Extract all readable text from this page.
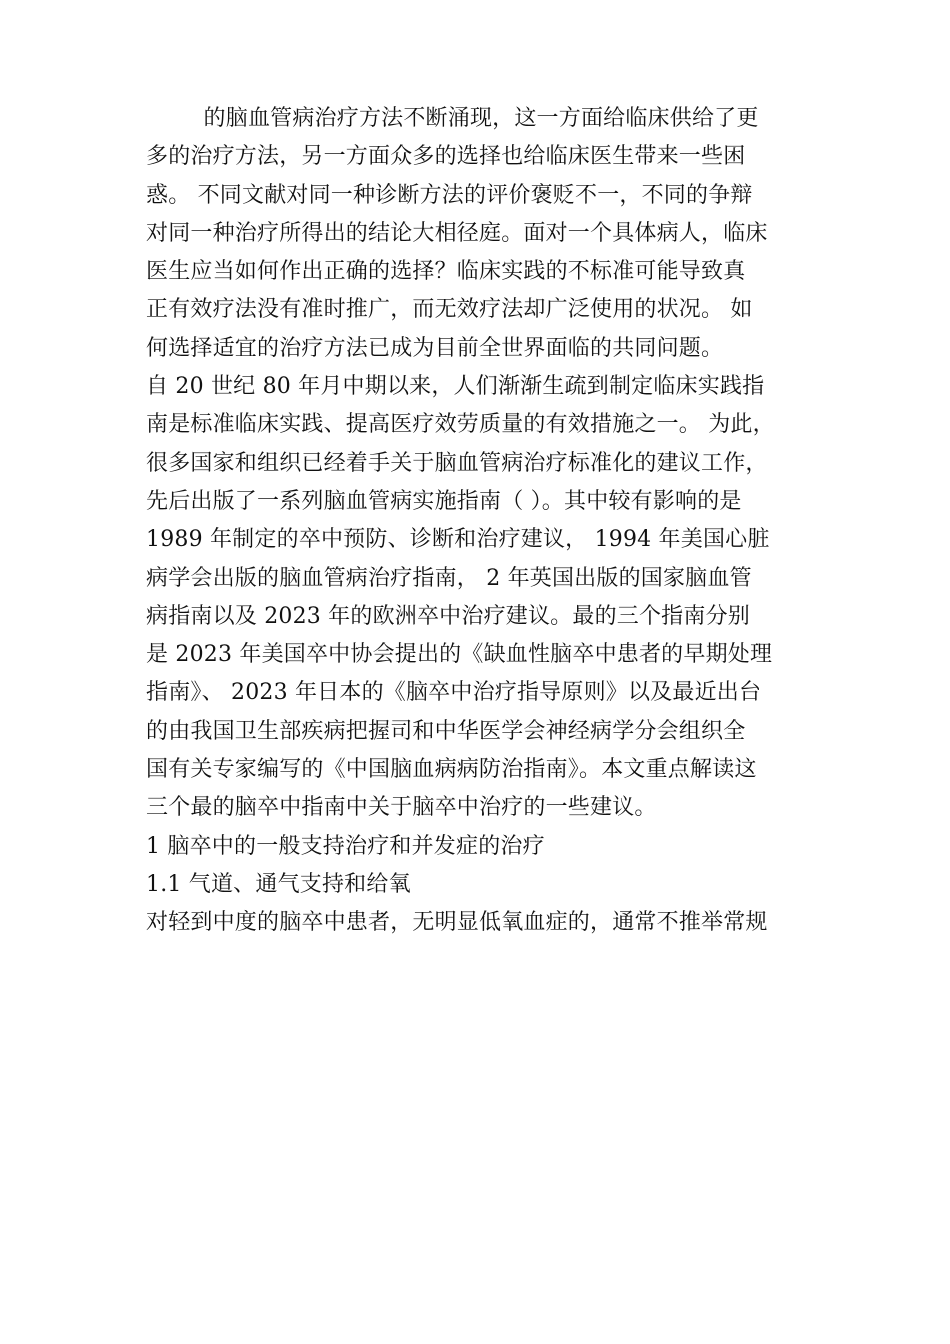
的脑血管病治疗方法不断涌现，这一方面给临床供给了更
多的治疗方法，另一方面众多的选择也给临床医生带来一些困
惑。 不同文献对同一种诊断方法的评价褒贬不一，不同的争辩
对同一种治疗所得出的结论大相径庭。面对一个具体病人，临床
医生应当如何作出正确的选择？临床实践的不标准可能导致真
正有效疗法没有准时推广，而无效疗法却广泛使用的状况。 如
何选择适宜的治疗方法已成为目前全世界面临的共同问题。
自 20 世纪 80 年月中期以来，人们渐渐生疏到制定临床实践指
南是标准临床实践、提高医疗效劳质量的有效措施之一。 为此，
很多国家和组织已经着手关于脑血管病治疗标准化的建议工作，
先后出版了一系列脑血管病实施指南（ ）。其中较有影响的是
1989 年制定的卒中预防、诊断和治疗建议， 1994 年美国心脏
病学会出版的脑血管病治疗指南， 2 年英国出版的国家脑血管
病指南以及 2023 年的欧洲卒中治疗建议。最的三个指南分别
是 2023 年美国卒中协会提出的《缺血性脑卒中患者的早期处理
指南》、 2023 年日本的《脑卒中治疗指导原则》以及最近出台
的由我国卫生部疾病把握司和中华医学会神经病学分会组织全
国有关专家编写的《中国脑血病病防治指南》。本文重点解读这
三个最的脑卒中指南中关于脑卒中治疗的一些建议。
1 脑卒中的一般支持治疗和并发症的治疗
1.1 气道、通气支持和给氧
对轻到中度的脑卒中患者，无明显低氧血症的，通常不推举常规
